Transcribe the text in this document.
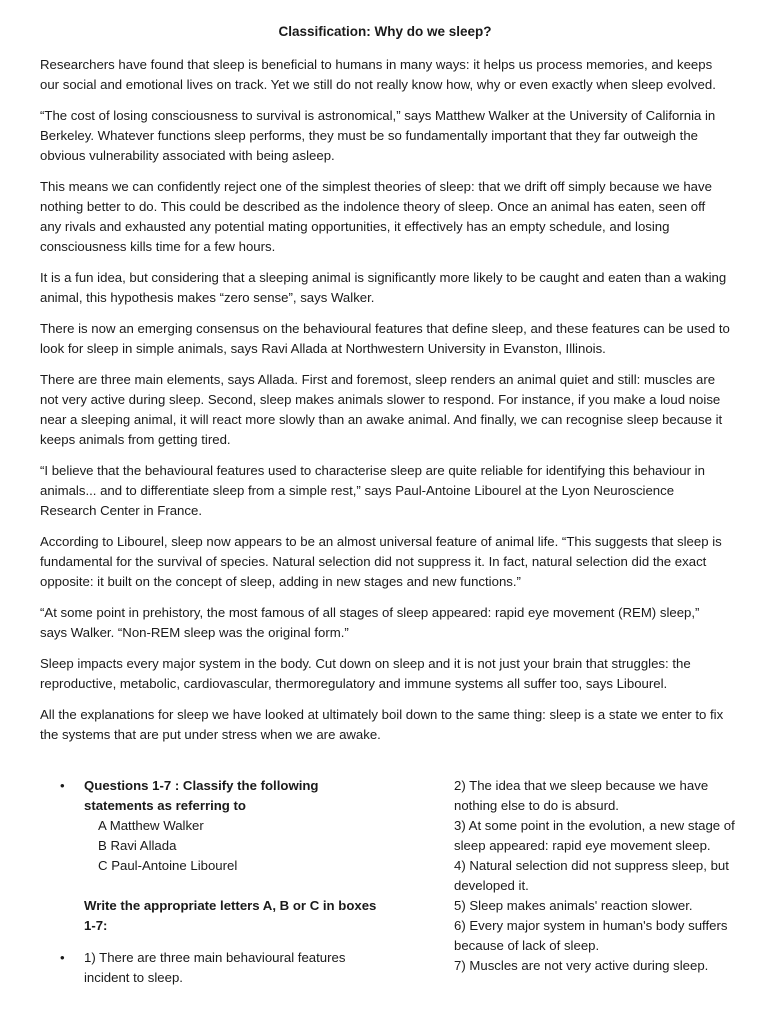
Classification: Why do we sleep?

Researchers have found that sleep is beneficial to humans in many ways: it helps us process memories, and keeps our social and emotional lives on track. Yet we still do not really know how, why or even exactly when sleep evolved.

“The cost of losing consciousness to survival is astronomical,” says Matthew Walker at the University of California in Berkeley. Whatever functions sleep performs, they must be so fundamentally important that they far outweigh the obvious vulnerability associated with being asleep.

This means we can confidently reject one of the simplest theories of sleep: that we drift off simply because we have nothing better to do. This could be described as the indolence theory of sleep. Once an animal has eaten, seen off any rivals and exhausted any potential mating opportunities, it effectively has an empty schedule, and losing consciousness kills time for a few hours.

It is a fun idea, but considering that a sleeping animal is significantly more likely to be caught and eaten than a waking animal, this hypothesis makes “zero sense”, says Walker.

There is now an emerging consensus on the behavioural features that define sleep, and these features can be used to look for sleep in simple animals, says Ravi Allada at Northwestern University in Evanston, Illinois.

There are three main elements, says Allada. First and foremost, sleep renders an animal quiet and still: muscles are not very active during sleep. Second, sleep makes animals slower to respond. For instance, if you make a loud noise near a sleeping animal, it will react more slowly than an awake animal. And finally, we can recognise sleep because it keeps animals from getting tired.

“I believe that the behavioural features used to characterise sleep are quite reliable for identifying this behaviour in animals... and to differentiate sleep from a simple rest,” says Paul-Antoine Libourel at the Lyon Neuroscience Research Center in France.

According to Libourel, sleep now appears to be an almost universal feature of animal life. “This suggests that sleep is fundamental for the survival of species. Natural selection did not suppress it. In fact, natural selection did the exact opposite: it built on the concept of sleep, adding in new stages and new functions.”

“At some point in prehistory, the most famous of all stages of sleep appeared: rapid eye movement (REM) sleep,” says Walker. “Non-REM sleep was the original form.”

Sleep impacts every major system in the body. Cut down on sleep and it is not just your brain that struggles: the reproductive, metabolic, cardiovascular, thermoregulatory and immune systems all suffer too, says Libourel.

All the explanations for sleep we have looked at ultimately boil down to the same thing: sleep is a state we enter to fix the systems that are put under stress when we are awake.

• Questions 1-7 : Classify the following statements as referring to
A Matthew Walker
B Ravi Allada
C Paul-Antoine Libourel
Write the appropriate letters A, B or C in boxes 1-7:
• 1) There are three main behavioural features incident to sleep.

2) The idea that we sleep because we have nothing else to do is absurd.

3) At some point in the evolution, a new stage of sleep appeared: rapid eye movement sleep.

4) Natural selection did not suppress sleep, but developed it.

5) Sleep makes animals' reaction slower.

6) Every major system in human's body suffers because of lack of sleep.

7) Muscles are not very active during sleep.
